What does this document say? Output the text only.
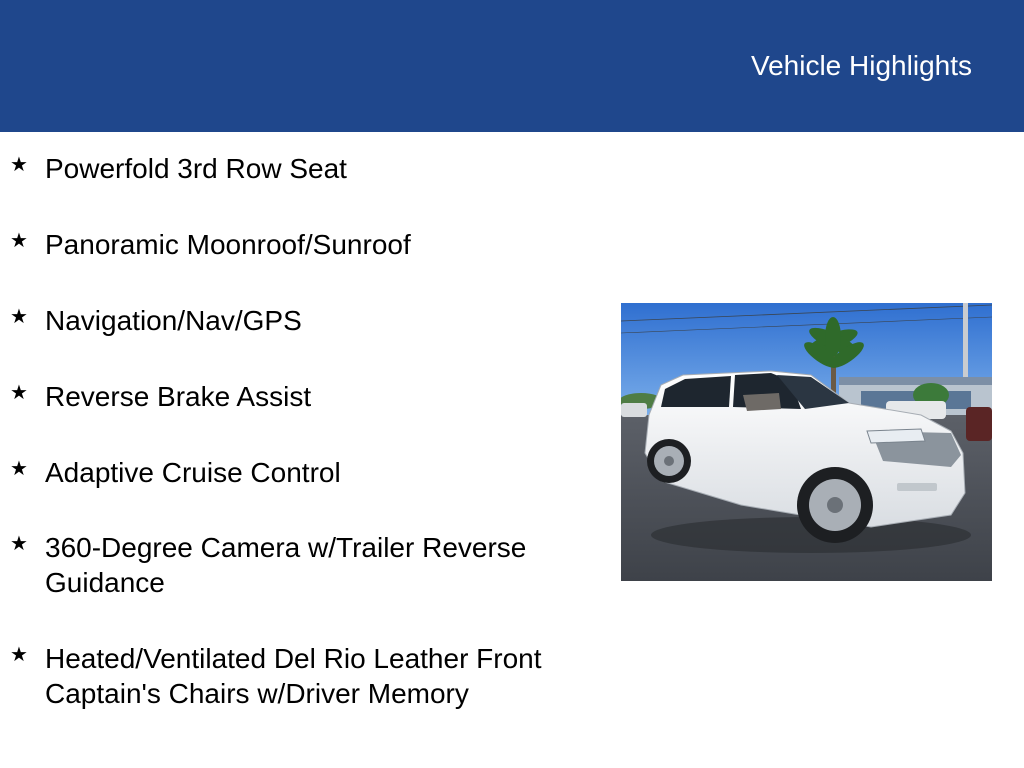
Vehicle Highlights
★ Powerfold 3rd Row Seat
★ Panoramic Moonroof/Sunroof
★ Navigation/Nav/GPS
★ Reverse Brake Assist
★ Adaptive Cruise Control
★ 360-Degree Camera w/Trailer Reverse Guidance
★ Heated/Ventilated Del Rio Leather Front Captain's Chairs w/Driver Memory
